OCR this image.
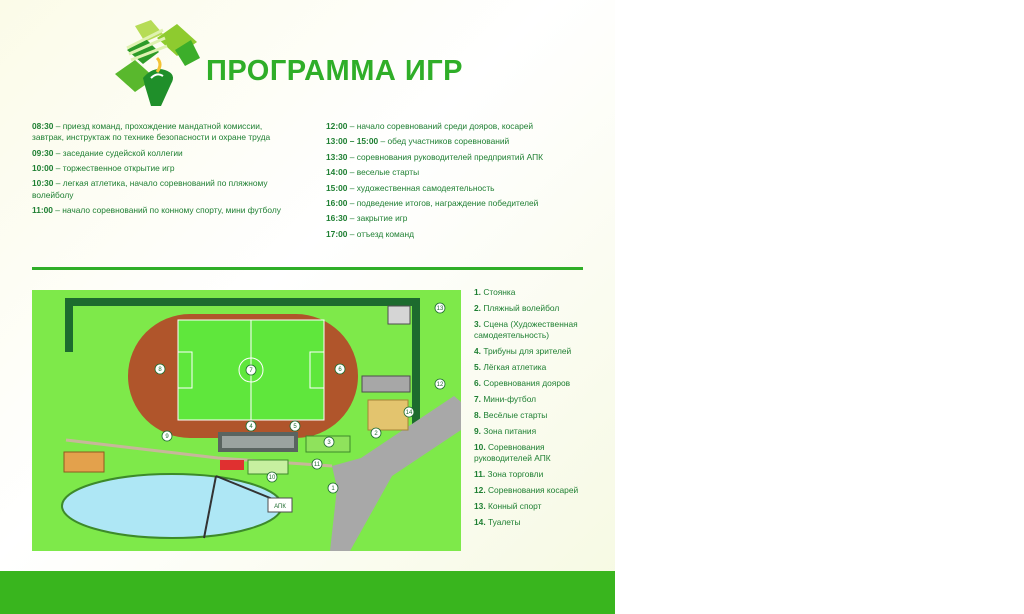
ПРОГРАММА ИГР
08:30 – приезд команд, прохождение мандатной комиссии, завтрак, инструктаж по технике безопасности и охране труда
09:30 – заседание судейской коллегии
10:00 – торжественное открытие игр
10:30 – легкая атлетика, начало соревнований по пляжному волейболу
11:00 – начало соревнований по конному спорту, мини футболу
12:00 – начало соревнований среди дояров, косарей
13:00 – 15:00 – обед участников соревнований
13:30 – соревнования руководителей предприятий АПК
14:00 – веселые старты
15:00 – художественная самодеятельность
16:00 – подведение итогов, награждение победителей
16:30 – закрытие игр
17:00 – отъезд команд
АПК
1
2
3
4	5
6
7
8
9
10
11
12
13
14
1. Стоянка
2. Пляжный волейбол
3. Сцена (Художественная самодеятельность)
4. Трибуны для зрителей
5. Лёгкая атлетика
6. Соревнования дояров
7. Мини-футбол
8. Весёлые старты
9. Зона питания
10. Соревнования руководителей АПК
11. Зона торговли
12. Соревнования косарей
13. Конный спорт
14. Туалеты
